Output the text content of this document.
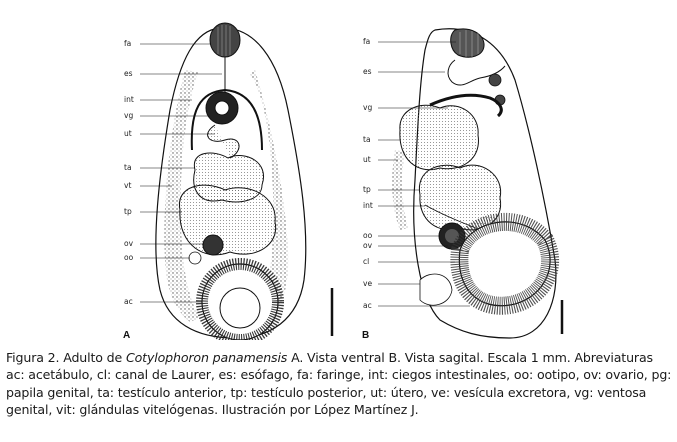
fa
es
int
vg
ut
ta
vt
tp
ov
oo
ac
A
fa
es
vg
ta
ut
tp
int
oo
ov
cl
ve
ac
B
Figura 2. Adulto de Cotylophoron panamensis A. Vista ventral B. Vista sagital. Escala 1 mm. Abreviaturas ac: acetábulo, cl: canal de Laurer, es: esófago, fa: faringe, int: ciegos intestinales, oo: ootipo, ov: ovario, pg: papila genital, ta: testículo anterior, tp: testículo posterior, ut: útero, ve: vesícula excretora, vg: ventosa genital, vit: glándulas vitelógenas. Ilustración por López Martínez J.
